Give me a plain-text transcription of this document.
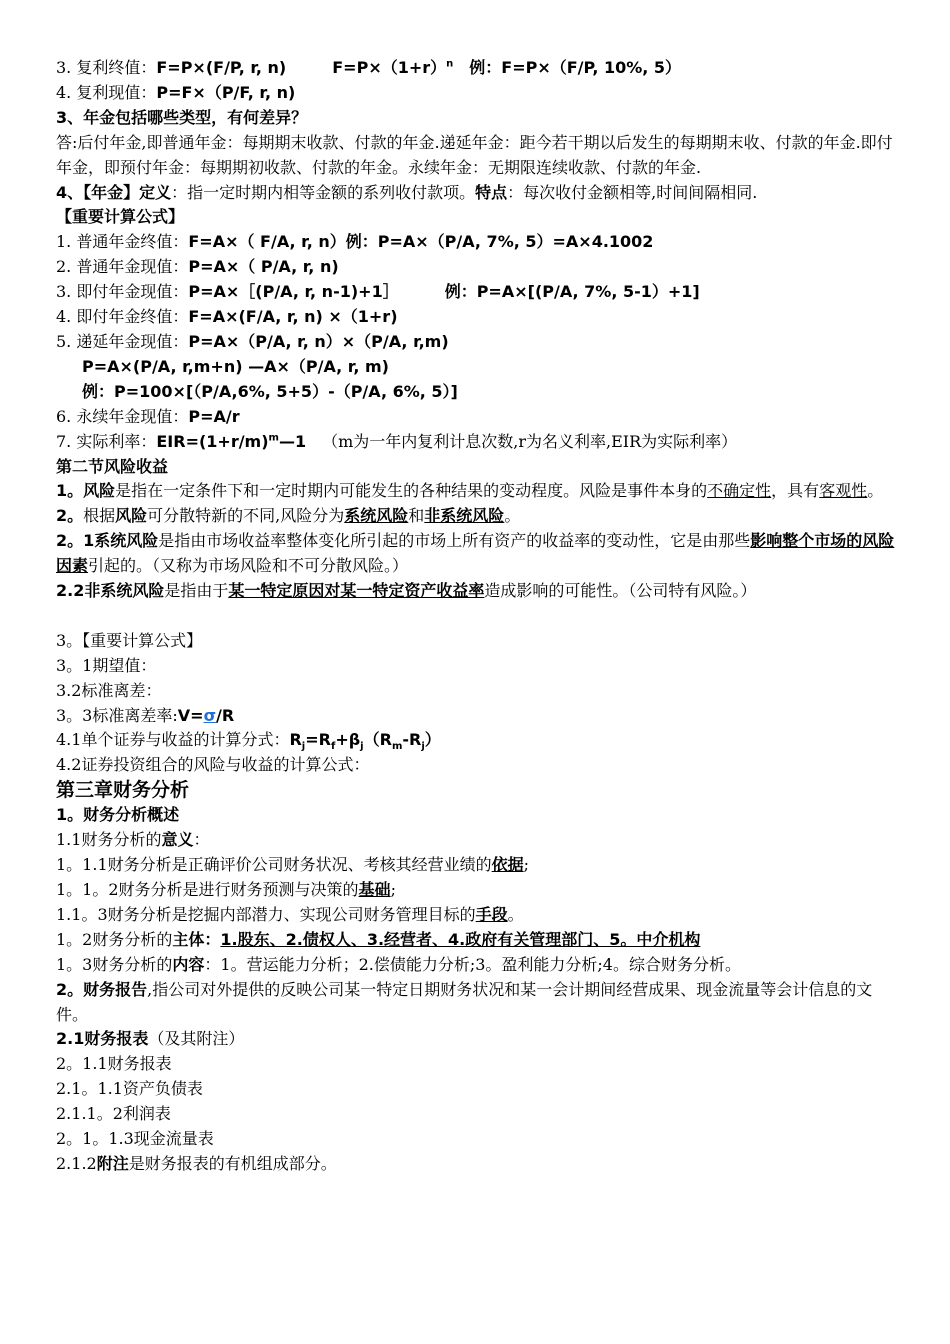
3. 复利终值：F=P×(F/P, r, n)	$F=P\times(1+r)^n$ 例：F=P×（F/P, 10%, 5）
4. 复利现值：P=F×（P/F, r, n)
3、年金包括哪些类型，有何差异？
答:后付年金,即普通年金：每期期末收款、付款的年金.递延年金：距今若干期以后发生的每期期末收、付款的年金.即付年金，即预付年金：每期期初收款、付款的年金。永续年金：无期限连续收款、付款的年金.
4、【年金】定义：指一定时期内相等金额的系列收付款项。特点：每次收付金额相等,时间间隔相同.
【重要计算公式】
1. 普通年金终值：F=A×（ F/A, r, n）例：P=A×（P/A, 7%, 5）=A×4.1002
2. 普通年金现值：P=A×（ P/A, r, n)
3. 即付年金现值：P=A×［(P/A, r, n-1)+1］	例：P=A×[(P/A, 7%, 5-1）+1]
4. 即付年金终值：F=A×(F/A, r, n) ×（1+r)
5. 递延年金现值：P=A×（P/A, r, n）×（P/A, r,m)
P=A×(P/A, r,m+n) —A×（P/A, r, m)
例：P=100×[（P/A,6%, 5+5）-（P/A, 6%, 5）]
6. 永续年金现值：P=A/r
7. 实际利率：$EIR=(1+r/m)^m—1$ （m为一年内复利计息次数,r为名义利率,EIR为实际利率）
第二节风险收益
1。风险是指在一定条件下和一定时期内可能发生的各种结果的变动程度。风险是事件本身的不确定性，具有客观性。
2。根据风险可分散特新的不同,风险分为系统风险和非系统风险。
2。1系统风险是指由市场收益率整体变化所引起的市场上所有资产的收益率的变动性，它是由那些影响整个市场的风险因素引起的。（又称为市场风险和不可分散风险。）
2.2非系统风险是指由于某一特定原因对某一特定资产收益率造成影响的可能性。（公司特有风险。）
3。【重要计算公式】
3。1期望值：
3.2标准离差：
3。3标准离差率:V=σ/R
4.1单个证券与收益的计算分式：$R_j=R_f+\beta_j(R_m-R_j)$
4.2证券投资组合的风险与收益的计算公式：
第三章财务分析
1。财务分析概述
1.1财务分析的意义：
1。1.1财务分析是正确评价公司财务状况、考核其经营业绩的依据;
1。1。2财务分析是进行财务预测与决策的基础;
1.1。3财务分析是挖掘内部潜力、实现公司财务管理目标的手段。
1。2财务分析的主体：1.股东、2.债权人、3.经营者、4.政府有关管理部门、5。中介机构
1。3财务分析的内容：1。营运能力分析；2.偿债能力分析;3。盈利能力分析;4。综合财务分析。
2。财务报告,指公司对外提供的反映公司某一特定日期财务状况和某一会计期间经营成果、现金流量等会计信息的文件。
2.1财务报表（及其附注）
2。1.1财务报表
2.1。1.1资产负债表
2.1.1。2利润表
2。1。1.3现金流量表
2.1.2附注是财务报表的有机组成部分。
